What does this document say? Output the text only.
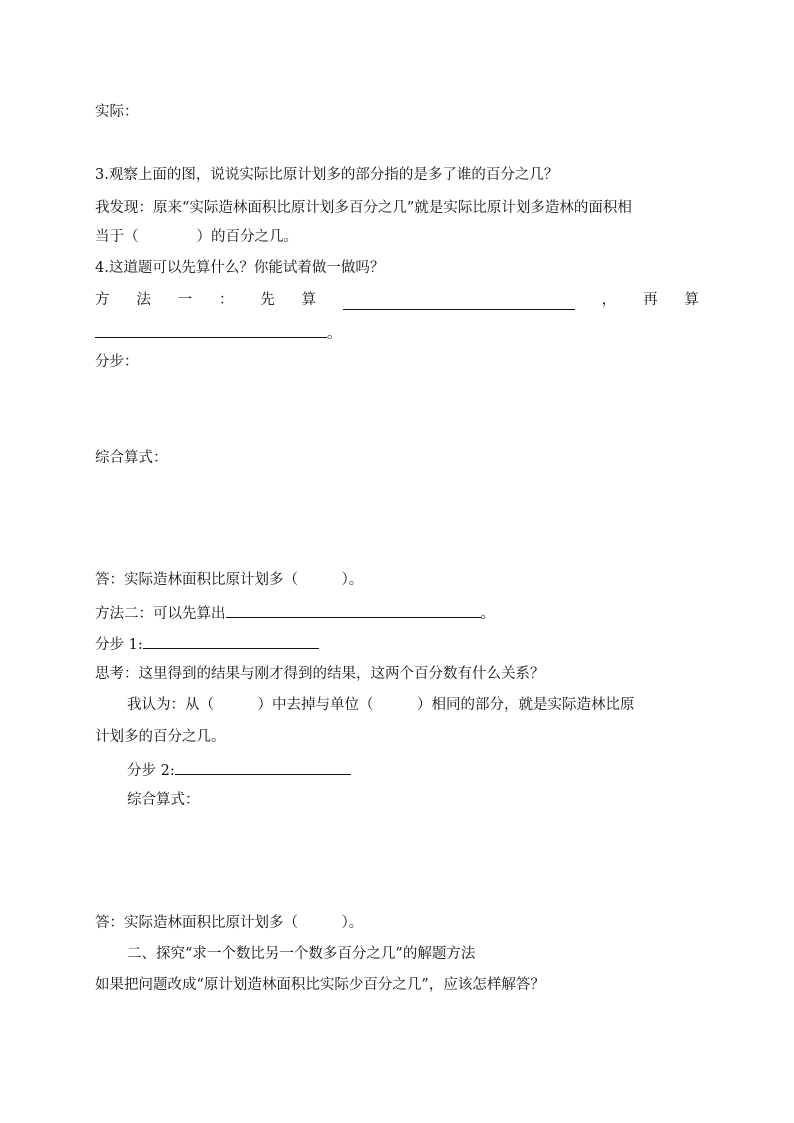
实际：
3.观察上面的图，说说实际比原计划多的部分指的是多了谁的百分之几？
我发现：原来“实际造林面积比原计划多百分之几”就是实际比原计划多造林的面积相
当于（　　　　）的百分之几。
4.这道题可以先算什么？你能试着做一做吗？
方 法 一 ： 先 算	， 再 算
。
分步：
综合算式：
答：实际造林面积比原计划多（　　　）。
方法二：可以先算出	。
分步 1:
思考：这里得到的结果与刚才得到的结果，这两个百分数有什么关系？
我认为：从（　　　）中去掉与单位（　　　）相同的部分，就是实际造林比原
计划多的百分之几。
分步 2:
综合算式：
答：实际造林面积比原计划多（　　　）。
二、探究“求一个数比另一个数多百分之几”的解题方法
如果把问题改成“原计划造林面积比实际少百分之几”，应该怎样解答？
